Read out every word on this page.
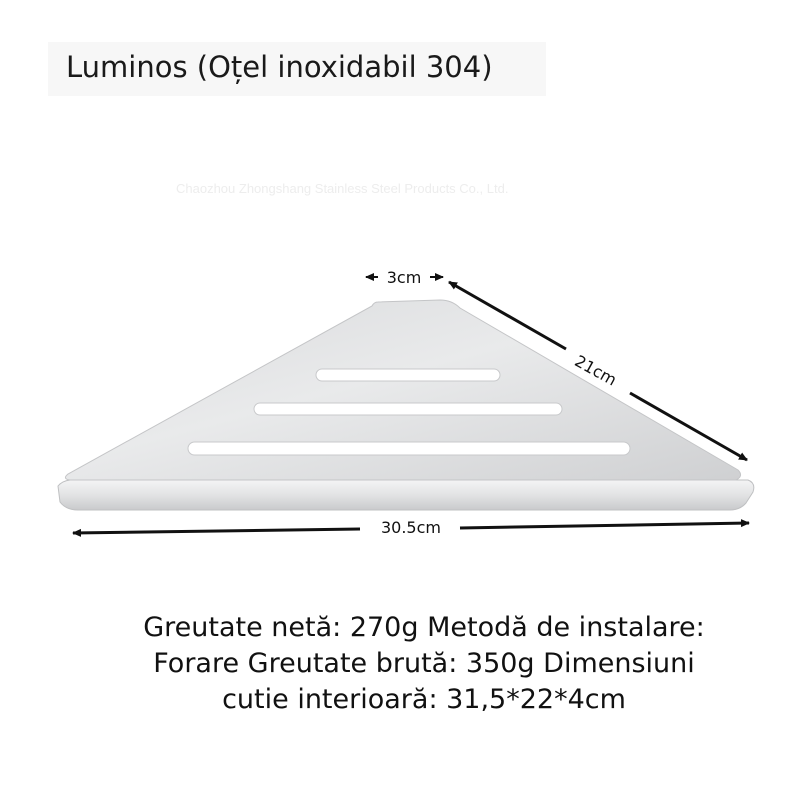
Luminos (Oțel inoxidabil 304)
Chaozhou Zhongshang Stainless Steel Products Co., Ltd.
3cm
21cm
30.5cm
Greutate netă: 270g Metodă de instalare:
Forare Greutate brută: 350g Dimensiuni
cutie interioară: 31,5*22*4cm
